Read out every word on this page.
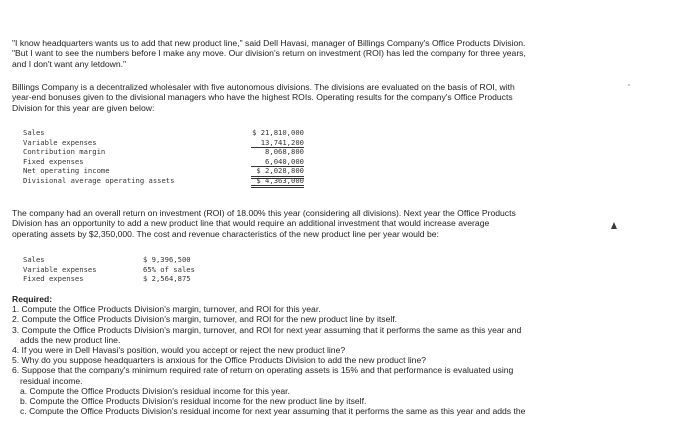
"I know headquarters wants us to add that new product line," said Dell Havasi, manager of Billings Company's Office Products Division.
"But I want to see the numbers before I make any move. Our division's return on investment (ROI) has led the company for three years,
and I don't want any letdown."

Billings Company is a decentralized wholesaler with five autonomous divisions. The divisions are evaluated on the basis of ROI, with
year-end bonuses given to the divisional managers who have the highest ROIs. Operating results for the company's Office Products
Division for this year are given below:

Sales	$ 21,810,000
Variable expenses	13,741,200
Contribution margin	8,068,800
Fixed expenses	6,040,000
Net operating income	$ 2,028,800
Divisional average operating assets	$ 4,363,000

The company had an overall return on investment (ROI) of 18.00% this year (considering all divisions). Next year the Office Products
Division has an opportunity to add a new product line that would require an additional investment that would increase average
operating assets by $2,350,000. The cost and revenue characteristics of the new product line per year would be:

Sales	$ 9,396,500
Variable expenses	65% of sales
Fixed expenses	$ 2,564,875
Required:
1. Compute the Office Products Division's margin, turnover, and ROI for this year.
2. Compute the Office Products Division's margin, turnover, and ROI for the new product line by itself.
3. Compute the Office Products Division's margin, turnover, and ROI for next year assuming that it performs the same as this year and
adds the new product line.
4. If you were in Dell Havasi's position, would you accept or reject the new product line?
5. Why do you suppose headquarters is anxious for the Office Products Division to add the new product line?
6. Suppose that the company's minimum required rate of return on operating assets is 15% and that performance is evaluated using
residual income.
a. Compute the Office Products Division's residual income for this year.
b. Compute the Office Products Division's residual income for the new product line by itself.
c. Compute the Office Products Division's residual income for next year assuming that it performs the same as this year and adds the
